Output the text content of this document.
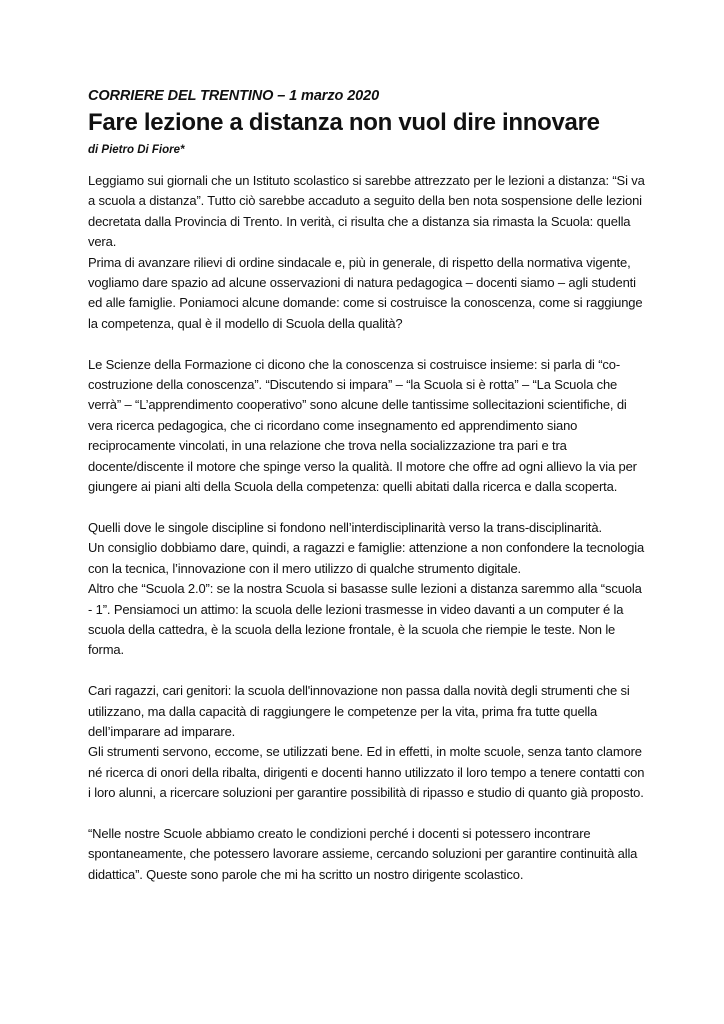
CORRIERE DEL TRENTINO – 1 marzo 2020

Fare lezione a distanza non vuol dire innovare

di Pietro Di Fiore*

Leggiamo sui giornali che un Istituto scolastico si sarebbe attrezzato per le lezioni a distanza: “Si va a scuola a distanza”. Tutto ciò sarebbe accaduto a seguito della ben nota sospensione delle lezioni decretata dalla Provincia di Trento. In verità, ci risulta che a distanza sia rimasta la Scuola: quella vera.

Prima di avanzare rilievi di ordine sindacale e, più in generale, di rispetto della normativa vigente, vogliamo dare spazio ad alcune osservazioni di natura pedagogica – docenti siamo – agli studenti ed alle famiglie. Poniamoci alcune domande: come si costruisce la conoscenza, come si raggiunge la competenza, qual è il modello di Scuola della qualità?

Le Scienze della Formazione ci dicono che la conoscenza si costruisce insieme: si parla di “co-costruzione della conoscenza”. “Discutendo si impara” – “la Scuola si è rotta” – “La Scuola che verrà” – “L’apprendimento cooperativo” sono alcune delle tantissime sollecitazioni scientifiche, di vera ricerca pedagogica, che ci ricordano come insegnamento ed apprendimento siano reciprocamente vincolati, in una relazione che trova nella socializzazione tra pari e tra docente/discente il motore che spinge verso la qualità. Il motore che offre ad ogni allievo la via per giungere ai piani alti della Scuola della competenza: quelli abitati dalla ricerca e dalla scoperta.

Quelli dove le singole discipline si fondono nell’interdisciplinarità verso la trans-disciplinarità.

Un consiglio dobbiamo dare, quindi, a ragazzi e famiglie: attenzione a non confondere la tecnologia con la tecnica, l’innovazione con il mero utilizzo di qualche strumento digitale.

Altro che “Scuola 2.0”: se la nostra Scuola si basasse sulle lezioni a distanza saremmo alla “scuola - 1”. Pensiamoci un attimo: la scuola delle lezioni trasmesse in video davanti a un computer é la scuola della cattedra, è la scuola della lezione frontale, è la scuola che riempie le teste. Non le forma.

Cari ragazzi, cari genitori: la scuola dell'innovazione non passa dalla novità degli strumenti che si utilizzano, ma dalla capacità di raggiungere le competenze per la vita, prima fra tutte quella dell’imparare ad imparare.

Gli strumenti servono, eccome, se utilizzati bene. Ed in effetti, in molte scuole, senza tanto clamore né ricerca di onori della ribalta, dirigenti e docenti hanno utilizzato il loro tempo a tenere contatti con i loro alunni, a ricercare soluzioni per garantire possibilità di ripasso e studio di quanto già proposto.

“Nelle nostre Scuole abbiamo creato le condizioni perché i docenti si potessero incontrare spontaneamente, che potessero lavorare assieme, cercando soluzioni per garantire continuità alla didattica”. Queste sono parole che mi ha scritto un nostro dirigente scolastico.
